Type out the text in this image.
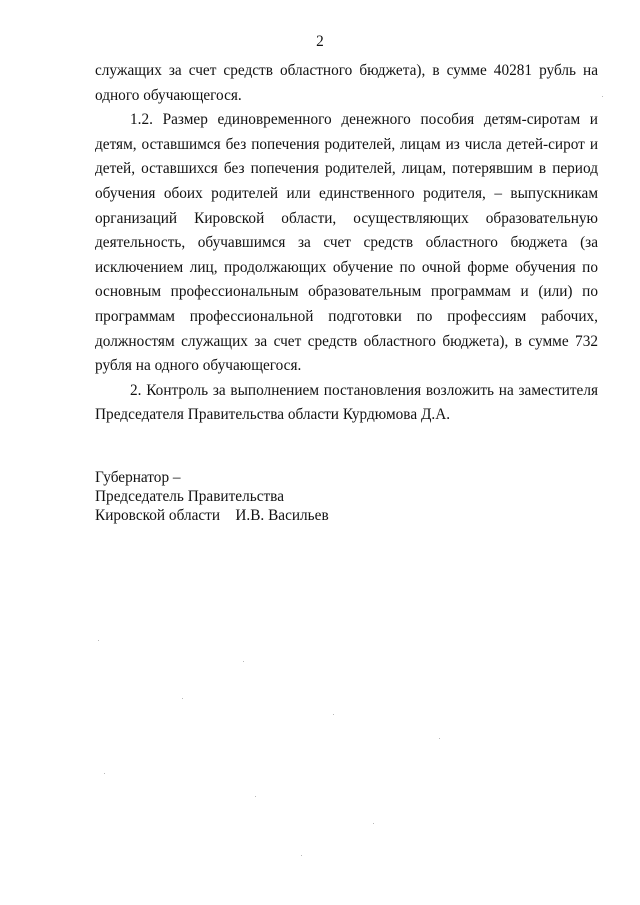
2

служащих за счет средств областного бюджета), в сумме 40281 рубль на одного обучающегося.

1.2. Размер единовременного денежного пособия детям-сиротам и детям, оставшимся без попечения родителей, лицам из числа детей-сирот и детей, оставшихся без попечения родителей, лицам, потерявшим в период обучения обоих родителей или единственного родителя, – выпускникам организаций Кировской области, осуществляющих образовательную деятельность, обучавшимся за счет средств областного бюджета (за исключением лиц, продолжающих обучение по очной форме обучения по основным профессиональным образовательным программам и (или) по программам профессиональной подготовки по профессиям рабочих, должностям служащих за счет средств областного бюджета), в сумме 732 рубля на одного обучающегося.

2. Контроль за выполнением постановления возложить на заместителя Председателя Правительства области Курдюмова Д.А.

Губернатор –
Председатель Правительства
Кировской области    И.В. Васильев
